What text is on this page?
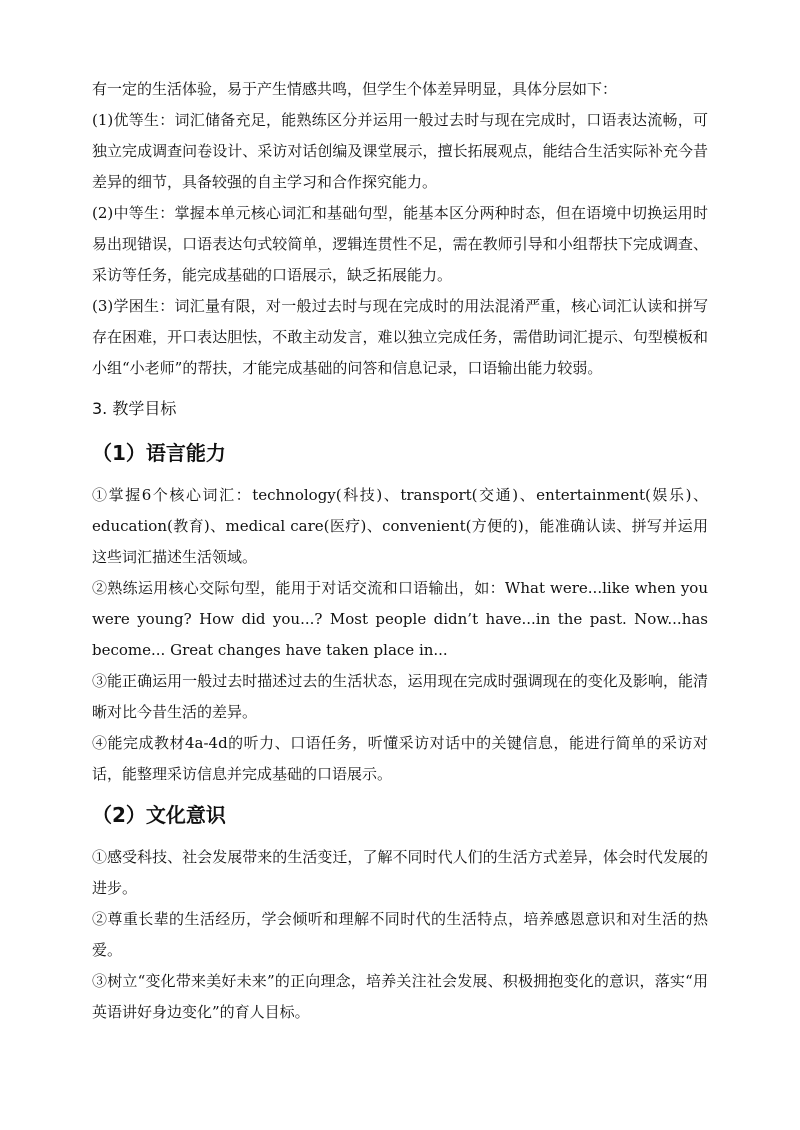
有一定的生活体验，易于产生情感共鸣，但学生个体差异明显，具体分层如下：

(1)优等生：词汇储备充足，能熟练区分并运用一般过去时与现在完成时，口语表达流畅，可独立完成调查问卷设计、采访对话创编及课堂展示，擅长拓展观点，能结合生活实际补充今昔差异的细节，具备较强的自主学习和合作探究能力。

(2)中等生：掌握本单元核心词汇和基础句型，能基本区分两种时态，但在语境中切换运用时易出现错误，口语表达句式较简单，逻辑连贯性不足，需在教师引导和小组帮扶下完成调查、采访等任务，能完成基础的口语展示，缺乏拓展能力。

(3)学困生：词汇量有限，对一般过去时与现在完成时的用法混淆严重，核心词汇认读和拼写存在困难，开口表达胆怯，不敢主动发言，难以独立完成任务，需借助词汇提示、句型模板和小组“小老师”的帮扶，才能完成基础的问答和信息记录，口语输出能力较弱。

3. 教学目标
（1）语言能力

①掌握6个核心词汇：technology(科技)、transport(交通)、entertainment(娱乐)、education(教育)、medical care(医疗)、convenient(方便的)，能准确认读、拼写并运用这些词汇描述生活领域。

②熟练运用核心交际句型，能用于对话交流和口语输出，如：What were...like when you were young? How did you...? Most people didn’t have...in the past. Now...has become... Great changes have taken place in...

③能正确运用一般过去时描述过去的生活状态，运用现在完成时强调现在的变化及影响，能清晰对比今昔生活的差异。

④能完成教材4a-4d的听力、口语任务，听懂采访对话中的关键信息，能进行简单的采访对话，能整理采访信息并完成基础的口语展示。

（2）文化意识

①感受科技、社会发展带来的生活变迁，了解不同时代人们的生活方式差异，体会时代发展的进步。

②尊重长辈的生活经历，学会倾听和理解不同时代的生活特点，培养感恩意识和对生活的热爱。

③树立“变化带来美好未来”的正向理念，培养关注社会发展、积极拥抱变化的意识，落实“用英语讲好身边变化”的育人目标。
